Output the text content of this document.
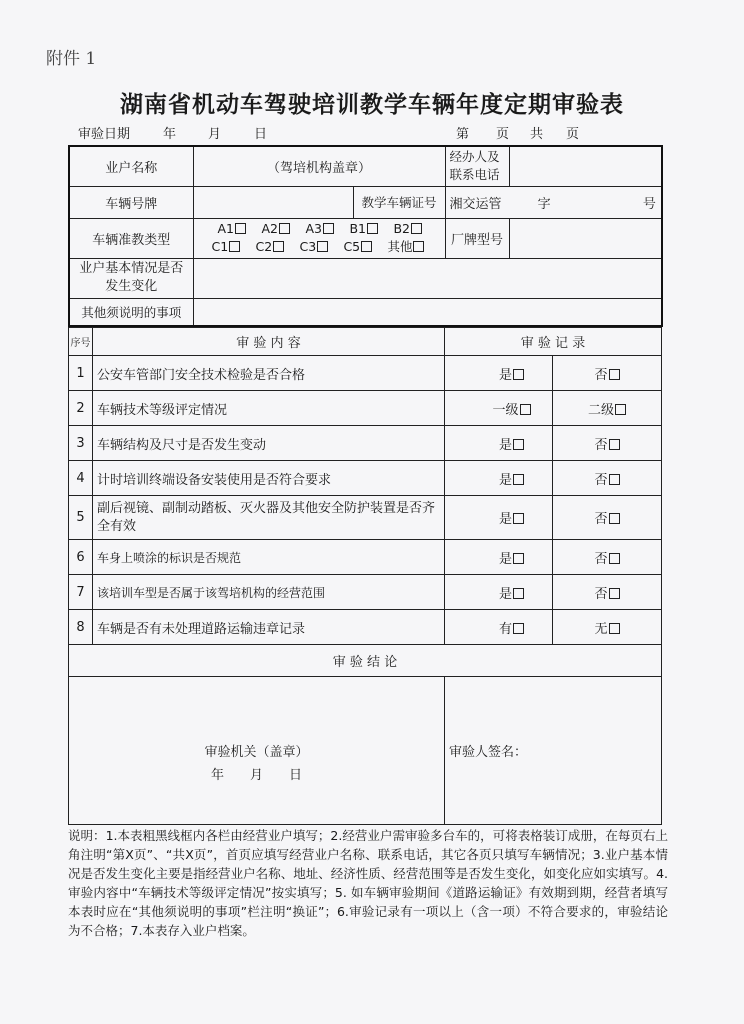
附件 1
湖南省机动车驾驶培训教学车辆年度定期审验表
审验日期	年 月	日	第 页 共 页
业户名称	（驾培机构盖章）		经办人及联系电话	
车辆号牌		教学车辆证号	湘交运管 字 号	
车辆准教类型	A1 A2 A3 B1 B2
C1 C2 C3 C5 其他		厂牌型号	
业户基本情况是否发生变化				
其他须说明的事项				
序号	审 验 内 容	审 验 记 录	
1	公安车管部门安全技术检验是否合格	是	否
2	车辆技术等级评定情况	一级	二级
3	车辆结构及尺寸是否发生变动	是	否
4	计时培训终端设备安装使用是否符合要求	是	否
5	副后视镜、副制动踏板、灭火器及其他安全防护装置是否齐全有效	是	否
6	车身上喷涂的标识是否规范	是	否
7	该培训车型是否属于该驾培机构的经营范围	是	否
8	车辆是否有未处理道路运输违章记录	有	无
审 验 结 论			

审验机关（盖章）
年　　月　　日		审验人签名：	
说明：1.本表粗黑线框内各栏由经营业户填写；2.经营业户需审验多台车的，可将表格装订成册，在每页右上角注明“第X页”、“共X页”，首页应填写经营业户名称、联系电话，其它各页只填写车辆情况；3.业户基本情况是否发生变化主要是指经营业户名称、地址、经济性质、经营范围等是否发生变化，如变化应如实填写。4.审验内容中“车辆技术等级评定情况”按实填写；5. 如车辆审验期间《道路运输证》有效期到期，经营者填写本表时应在“其他须说明的事项”栏注明“换证”；6.审验记录有一项以上（含一项）不符合要求的，审验结论为不合格；7.本表存入业户档案。
